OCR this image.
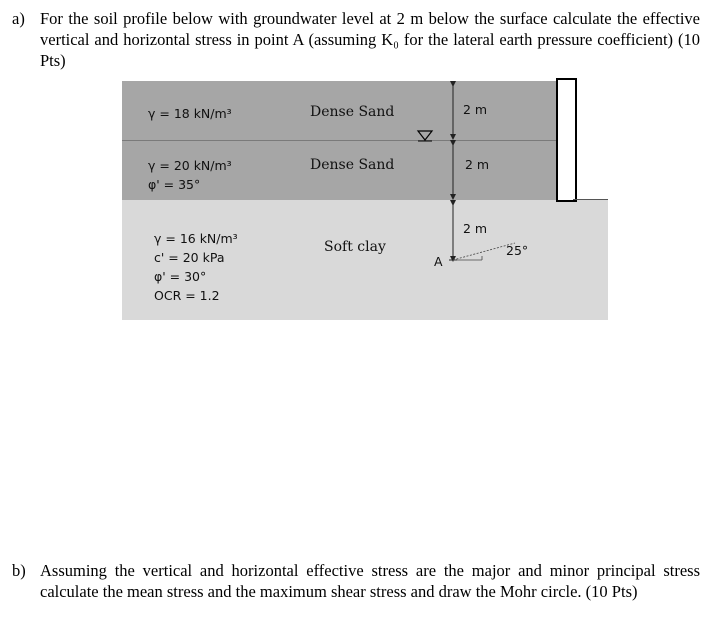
a) For the soil profile below with groundwater level at 2 m below the surface calculate the effective vertical and horizontal stress in point A (assuming K₀ for the lateral earth pressure coefficient) (10 Pts)
γ = 18 kN/m³	Dense Sand	2 m
γ = 20 kN/m³
φ' = 35°
Dense Sand	2 m
γ = 16 kN/m³
c' = 20 kPa
φ' = 30°
OCR = 1.2
Soft clay
2 m
A
25°
b) Assuming the vertical and horizontal effective stress are the major and minor principal stress calculate the mean stress and the maximum shear stress and draw the Mohr circle. (10 Pts)
